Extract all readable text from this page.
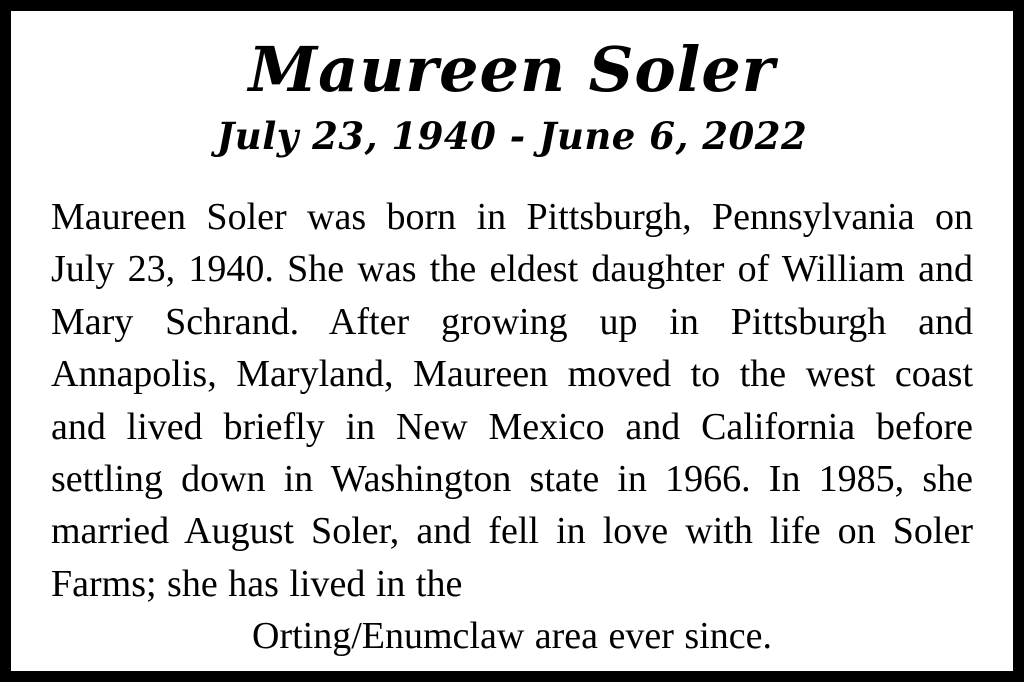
Maureen Soler
July 23, 1940 - June 6, 2022

Maureen Soler was born in Pittsburgh, Pennsylvania on July 23, 1940. She was the eldest daughter of William and Mary Schrand. After growing up in Pittsburgh and Annapolis, Maryland, Maureen moved to the west coast and lived briefly in New Mexico and California before settling down in Washington state in 1966. In 1985, she married August Soler, and fell in love with life on Soler Farms; she has lived in the
Orting/Enumclaw area ever since.
